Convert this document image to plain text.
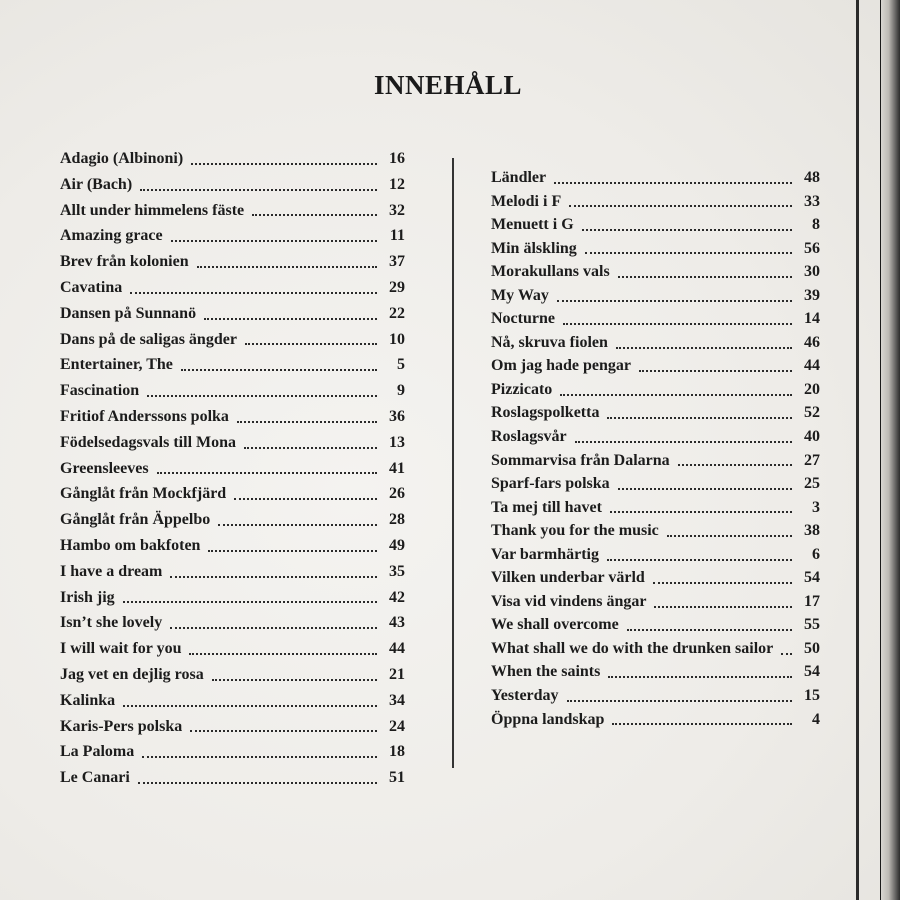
INNEHÅLL
Adagio (Albinoni)	16
Air (Bach)	12
Allt under himmelens fäste	32
Amazing grace	11
Brev från kolonien	37
Cavatina	29
Dansen på Sunnanö	22
Dans på de saligas ängder	10
Entertainer, The	5
Fascination	9
Fritiof Anderssons polka	36
Födelsedagsvals till Mona	13
Greensleeves	41
Gånglåt från Mockfjärd	26
Gånglåt från Äppelbo	28
Hambo om bakfoten	49
I have a dream	35
Irish jig	42
Isn’t she lovely	43
I will wait for you	44
Jag vet en dejlig rosa	21
Kalinka	34
Karis-Pers polska	24
La Paloma	18
Le Canari	51
Ländler	48
Melodi i F	33
Menuett i G	8
Min älskling	56
Morakullans vals	30
My Way	39
Nocturne	14
Nå, skruva fiolen	46
Om jag hade pengar	44
Pizzicato	20
Roslagspolketta	52
Roslagsvår	40
Sommarvisa från Dalarna	27
Sparf-fars polska	25
Ta mej till havet	3
Thank you for the music	38
Var barmhärtig	6
Vilken underbar värld	54
Visa vid vindens ängar	17
We shall overcome	55
What shall we do with the drunken sailor	50
When the saints	54
Yesterday	15
Öppna landskap	4
